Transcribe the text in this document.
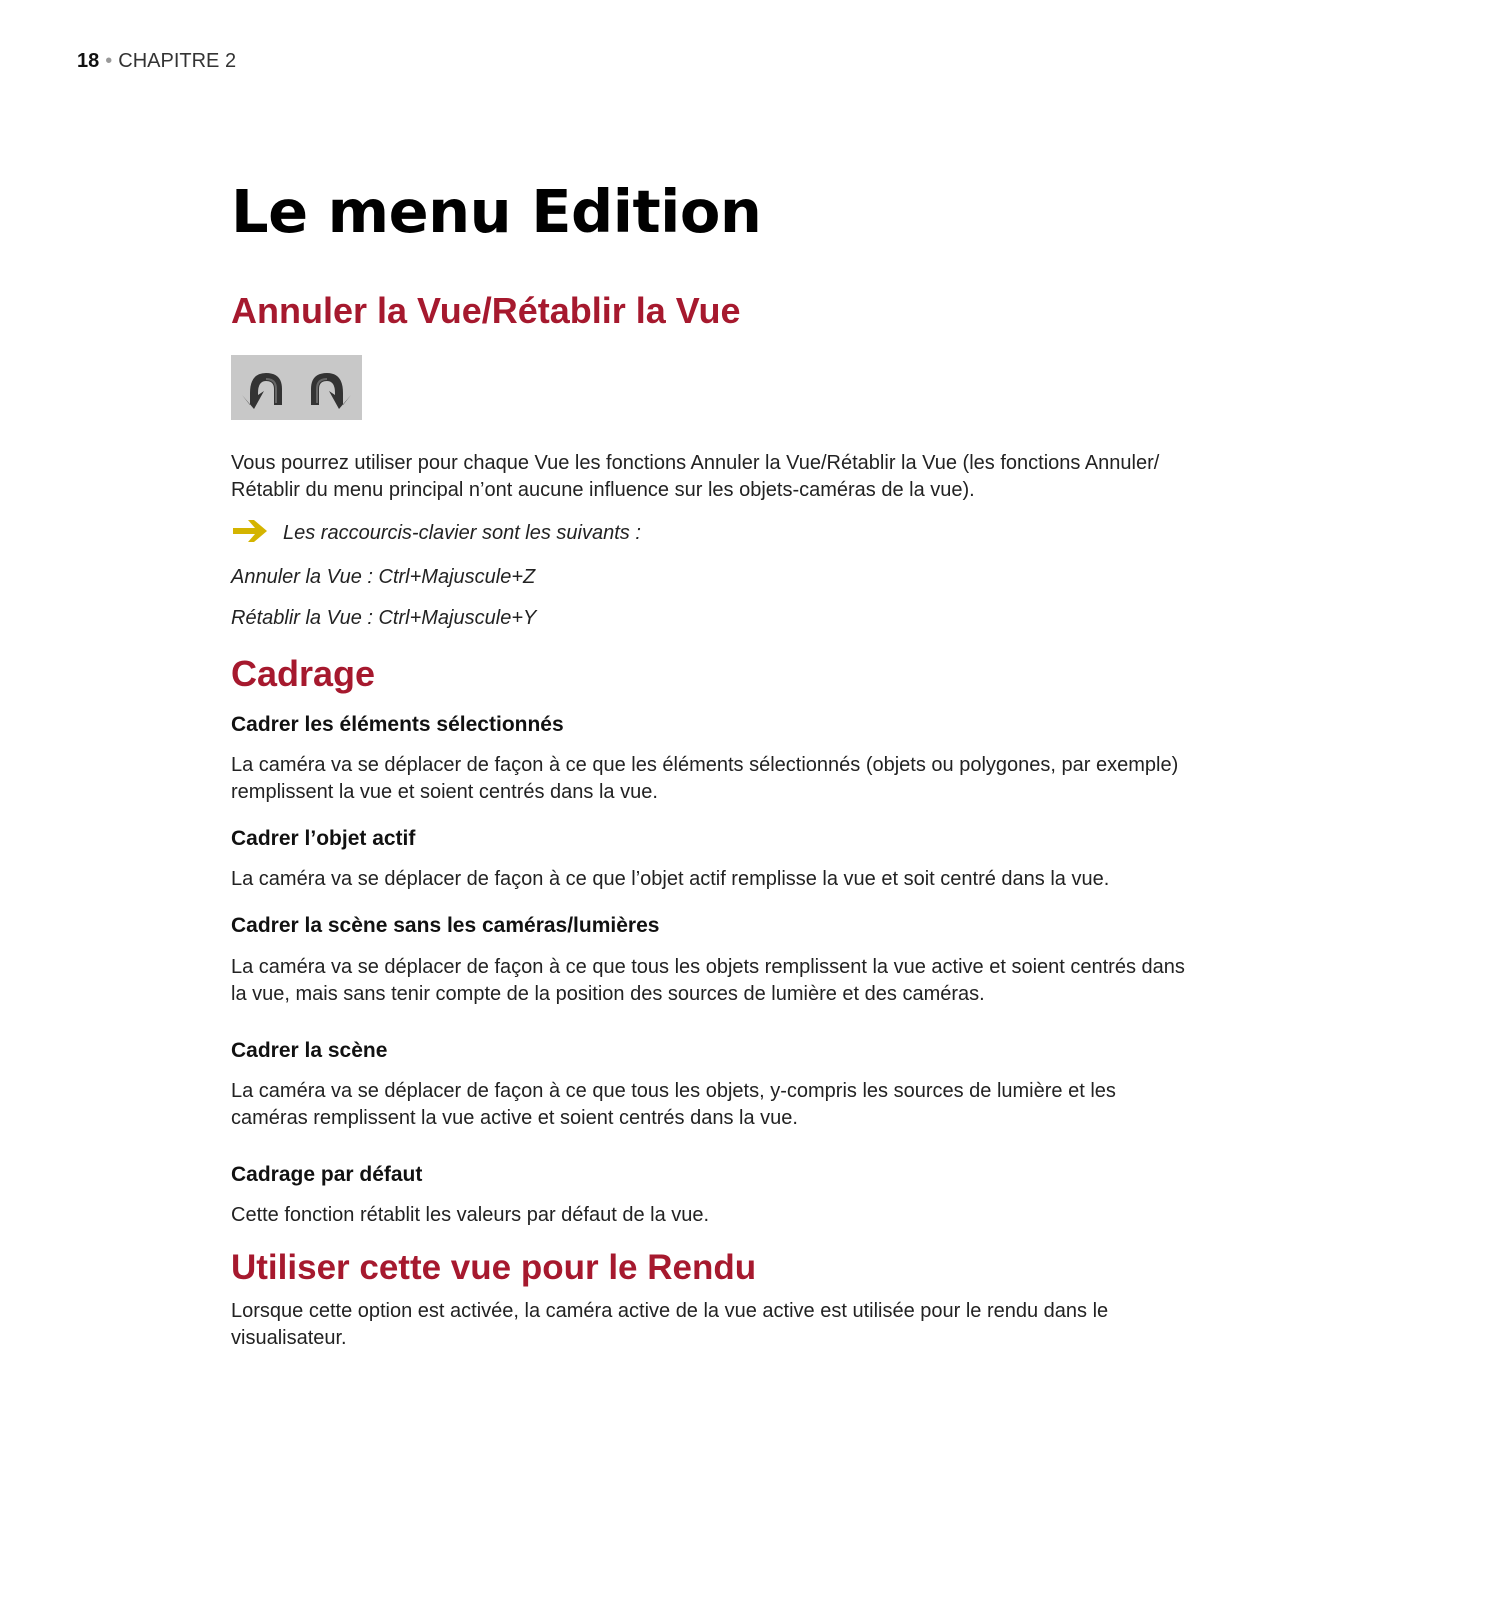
18 • CHAPITRE 2
Le menu Edition
Annuler la Vue/Rétablir la Vue

Vous pourrez utiliser pour chaque Vue les fonctions Annuler la Vue/Rétablir la Vue (les fonctions Annuler/
Rétablir du menu principal n’ont aucune influence sur les objets-caméras de la vue).

Les raccourcis-clavier sont les suivants :

Annuler la Vue : Ctrl+Majuscule+Z

Rétablir la Vue : Ctrl+Majuscule+Y

Cadrage
Cadrer les éléments sélectionnés

La caméra va se déplacer de façon à ce que les éléments sélectionnés (objets ou polygones, par exemple)
remplissent la vue et soient centrés dans la vue.

Cadrer l’objet actif

La caméra va se déplacer de façon à ce que l’objet actif remplisse la vue et soit centré dans la vue.

Cadrer la scène sans les caméras/lumières

La caméra va se déplacer de façon à ce que tous les objets remplissent la vue active et soient centrés dans
la vue, mais sans tenir compte de la position des sources de lumière et des caméras.

Cadrer la scène

La caméra va se déplacer de façon à ce que tous les objets, y-compris les sources de lumière et les
caméras remplissent la vue active et soient centrés dans la vue.

Cadrage par défaut

Cette fonction rétablit les valeurs par défaut de la vue.

Utiliser cette vue pour le Rendu

Lorsque cette option est activée, la caméra active de la vue active est utilisée pour le rendu dans le
visualisateur.
